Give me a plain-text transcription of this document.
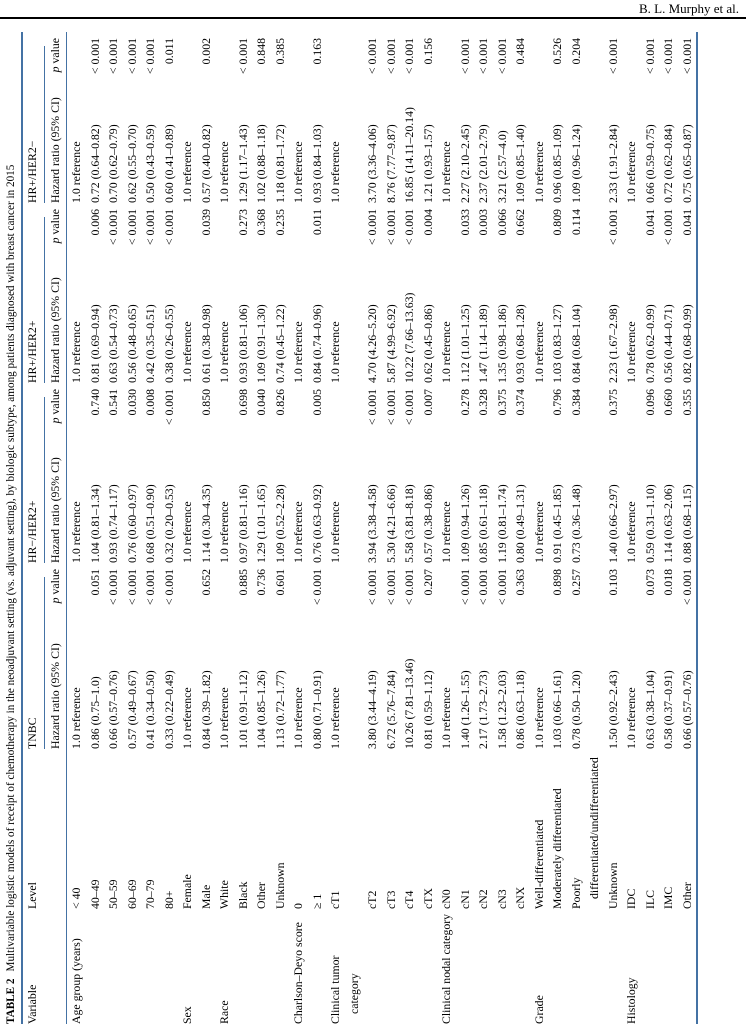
B. L. Murphy et al.
TABLE 2Multivariable logistic models of receipt of chemotherapy in the neoadjuvant setting (vs. adjuvant setting), by biologic subtype, among patients diagnosed with breast cancer in 2015
Variable	Level	TNBC		HR−/HER2+		HR+/HER2+		HR+/HER2−	

		Hazard ratio (95% CI)	p value	Hazard ratio (95% CI)	p value	Hazard ratio (95% CI)	p value	Hazard ratio (95% CI)	p value
Age group (years)	< 40	1.0 reference		1.0 reference		1.0 reference		1.0 reference	
	40–49	0.86 (0.75–1.0)	0.051	1.04 (0.81–1.34)	0.740	0.81 (0.69–0.94)	0.006	0.72 (0.64–0.82)	< 0.001
	50–59	0.66 (0.57–0.76)	< 0.001	0.93 (0.74–1.17)	0.541	0.63 (0.54–0.73)	< 0.001	0.70 (0.62–0.79)	< 0.001
	60–69	0.57 (0.49–0.67)	< 0.001	0.76 (0.60–0.97)	0.030	0.56 (0.48–0.65)	< 0.001	0.62 (0.55–0.70)	< 0.001
	70–79	0.41 (0.34–0.50)	< 0.001	0.68 (0.51–0.90)	0.008	0.42 (0.35–0.51)	< 0.001	0.50 (0.43–0.59)	< 0.001
	80+	0.33 (0.22–0.49)	< 0.001	0.32 (0.20–0.53)	< 0.001	0.38 (0.26–0.55)	< 0.001	0.60 (0.41–0.89)	0.011
Sex	Female	1.0 reference		1.0 reference		1.0 reference		1.0 reference	
	Male	0.84 (0.39–1.82)	0.652	1.14 (0.30–4.35)	0.850	0.61 (0.38–0.98)	0.039	0.57 (0.40–0.82)	0.002
Race	White	1.0 reference		1.0 reference		1.0 reference		1.0 reference	
	Black	1.01 (0.91–1.12)	0.885	0.97 (0.81–1.16)	0.698	0.93 (0.81–1.06)	0.273	1.29 (1.17–1.43)	< 0.001
	Other	1.04 (0.85–1.26)	0.736	1.29 (1.01–1.65)	0.040	1.09 (0.91–1.30)	0.368	1.02 (0.88–1.18)	0.848
	Unknown	1.13 (0.72–1.77)	0.601	1.09 (0.52–2.28)	0.826	0.74 (0.45–1.22)	0.235	1.18 (0.81–1.72)	0.385
Charlson–Deyo score	0	1.0 reference		1.0 reference		1.0 reference		1.0 reference	
	≥ 1	0.80 (0.71–0.91)	< 0.001	0.76 (0.63–0.92)	0.005	0.84 (0.74–0.96)	0.011	0.93 (0.84–1.03)	0.163
Clinical tumor category	cT1	1.0 reference		1.0 reference		1.0 reference		1.0 reference	
	cT2	3.80 (3.44–4.19)	< 0.001	3.94 (3.38–4.58)	< 0.001	4.70 (4.26–5.20)	< 0.001	3.70 (3.36–4.06)	< 0.001
	cT3	6.72 (5.76–7.84)	< 0.001	5.30 (4.21–6.66)	< 0.001	5.87 (4.99–6.92)	< 0.001	8.76 (7.77–9.87)	< 0.001
	cT4	10.26 (7.81–13.46)	< 0.001	5.58 (3.81–8.18)	< 0.001	10.22 (7.66–13.63)	< 0.001	16.85 (14.11–20.14)	< 0.001
	cTX	0.81 (0.59–1.12)	0.207	0.57 (0.38–0.86)	0.007	0.62 (0.45–0.86)	0.004	1.21 (0.93–1.57)	0.156
Clinical nodal category	cN0	1.0 reference		1.0 reference		1.0 reference		1.0 reference	
	cN1	1.40 (1.26–1.55)	< 0.001	1.09 (0.94–1.26)	0.278	1.12 (1.01–1.25)	0.033	2.27 (2.10–2.45)	< 0.001
	cN2	2.17 (1.73–2.73)	< 0.001	0.85 (0.61–1.18)	0.328	1.47 (1.14–1.89)	0.003	2.37 (2.01–2.79)	< 0.001
	cN3	1.58 (1.23–2.03)	< 0.001	1.19 (0.81–1.74)	0.375	1.35 (0.98–1.86)	0.066	3.21 (2.57–4.0)	< 0.001
	cNX	0.86 (0.63–1.18)	0.363	0.80 (0.49–1.31)	0.374	0.93 (0.68–1.28)	0.662	1.09 (0.85–1.40)	0.484
Grade	Well-differentiated	1.0 reference		1.0 reference		1.0 reference		1.0 reference	
	Moderately differentiated	1.03 (0.66–1.61)	0.898	0.91 (0.45–1.85)	0.796	1.03 (0.83–1.27)	0.809	0.96 (0.85–1.09)	0.526
	Poorly differentiated/undifferentiated	0.78 (0.50–1.20)	0.257	0.73 (0.36–1.48)	0.384	0.84 (0.68–1.04)	0.114	1.09 (0.96–1.24)	0.204
	Unknown	1.50 (0.92–2.43)	0.103	1.40 (0.66–2.97)	0.375	2.23 (1.67–2.98)	< 0.001	2.33 (1.91–2.84)	< 0.001
Histology	IDC	1.0 reference		1.0 reference		1.0 reference		1.0 reference	
	ILC	0.63 (0.38–1.04)	0.073	0.59 (0.31–1.10)	0.096	0.78 (0.62–0.99)	0.041	0.66 (0.59–0.75)	< 0.001
	IMC	0.58 (0.37–0.91)	0.018	1.14 (0.63–2.06)	0.660	0.56 (0.44–0.71)	< 0.001	0.72 (0.62–0.84)	< 0.001
	Other	0.66 (0.57–0.76)	< 0.001	0.88 (0.68–1.15)	0.355	0.82 (0.68–0.99)	0.041	0.75 (0.65–0.87)	< 0.001
